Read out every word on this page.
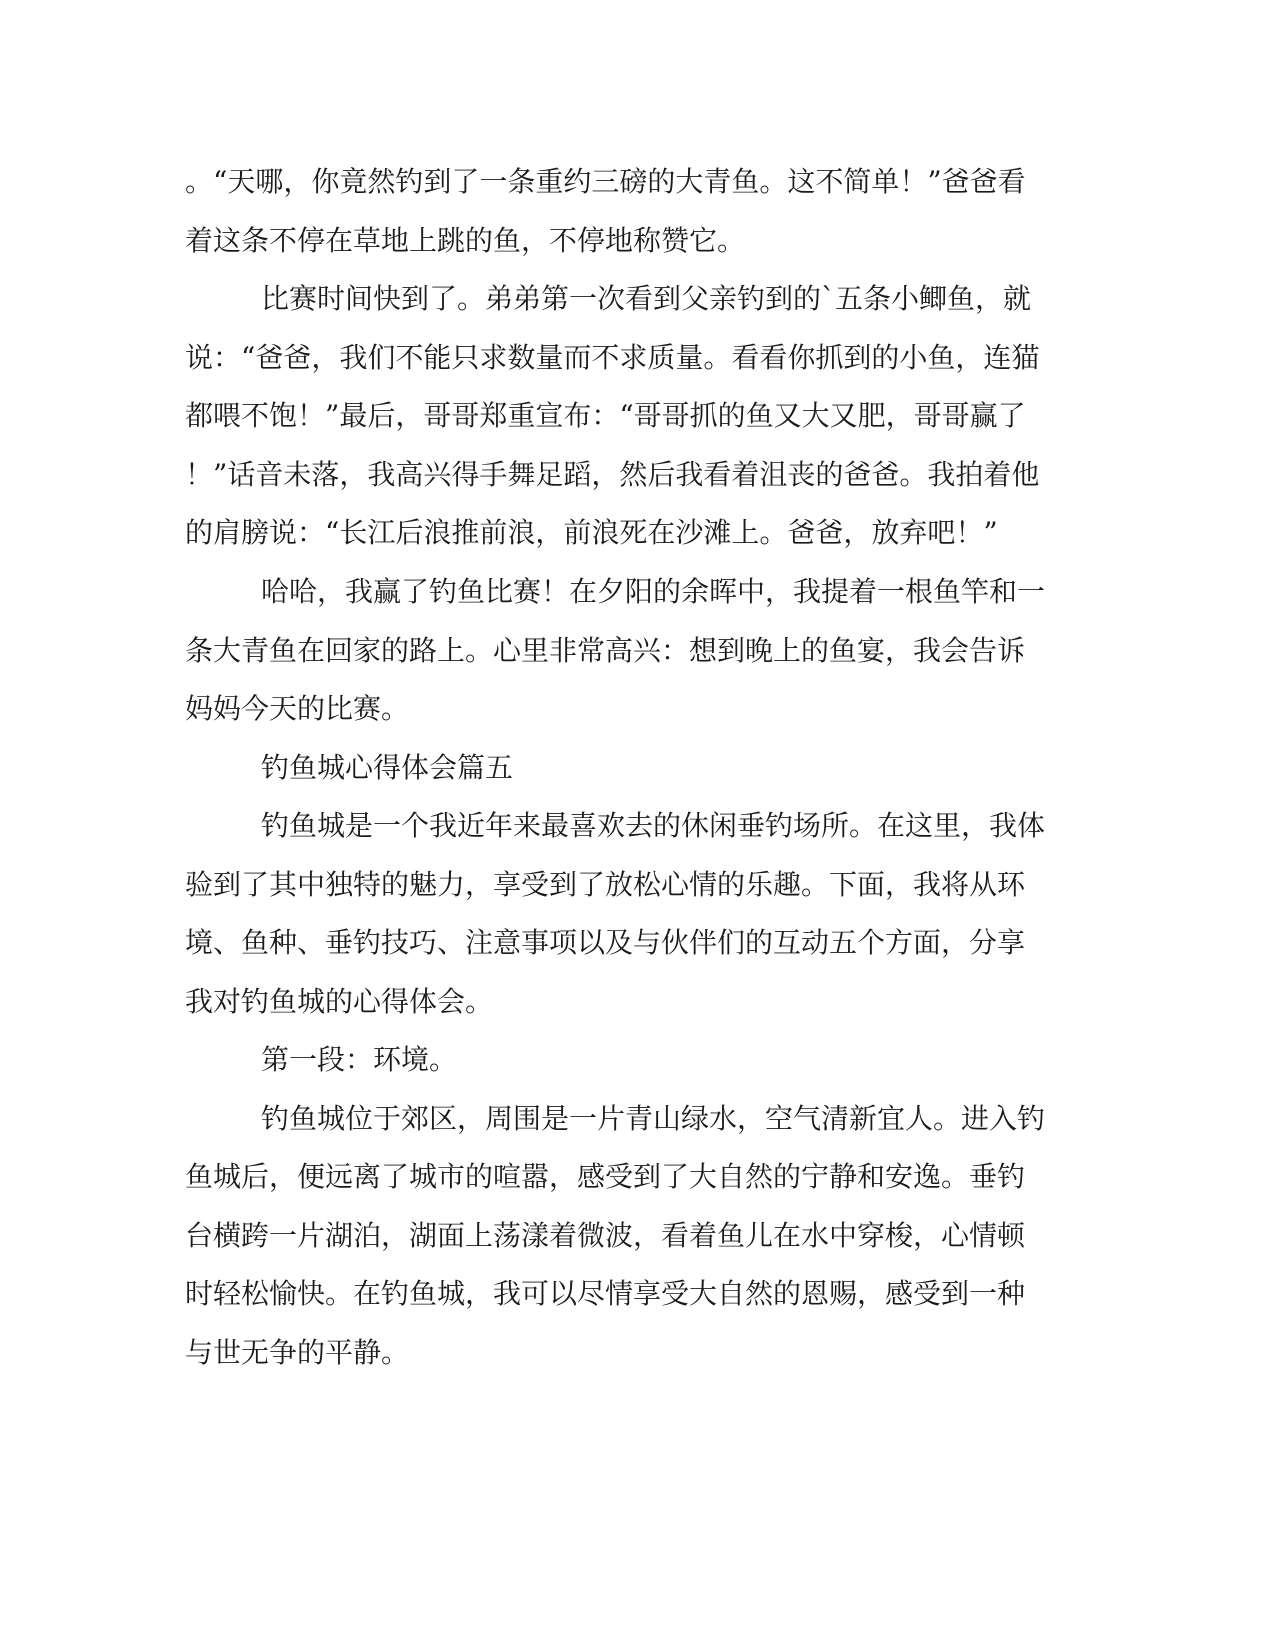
。“天哪，你竟然钓到了一条重约三磅的大青鱼。这不简单！”爸爸看
着这条不停在草地上跳的鱼，不停地称赞它。
比赛时间快到了。弟弟第一次看到父亲钓到的`五条小鲫鱼，就
说：“爸爸，我们不能只求数量而不求质量。看看你抓到的小鱼，连猫
都喂不饱！”最后，哥哥郑重宣布：“哥哥抓的鱼又大又肥，哥哥赢了
！”话音未落，我高兴得手舞足蹈，然后我看着沮丧的爸爸。我拍着他
的肩膀说：“长江后浪推前浪，前浪死在沙滩上。爸爸，放弃吧！”
哈哈，我赢了钓鱼比赛！在夕阳的余晖中，我提着一根鱼竿和一
条大青鱼在回家的路上。心里非常高兴：想到晚上的鱼宴，我会告诉
妈妈今天的比赛。
钓鱼城心得体会篇五
钓鱼城是一个我近年来最喜欢去的休闲垂钓场所。在这里，我体
验到了其中独特的魅力，享受到了放松心情的乐趣。下面，我将从环
境、鱼种、垂钓技巧、注意事项以及与伙伴们的互动五个方面，分享
我对钓鱼城的心得体会。
第一段：环境。
钓鱼城位于郊区，周围是一片青山绿水，空气清新宜人。进入钓
鱼城后，便远离了城市的喧嚣，感受到了大自然的宁静和安逸。垂钓
台横跨一片湖泊，湖面上荡漾着微波，看着鱼儿在水中穿梭，心情顿
时轻松愉快。在钓鱼城，我可以尽情享受大自然的恩赐，感受到一种
与世无争的平静。
